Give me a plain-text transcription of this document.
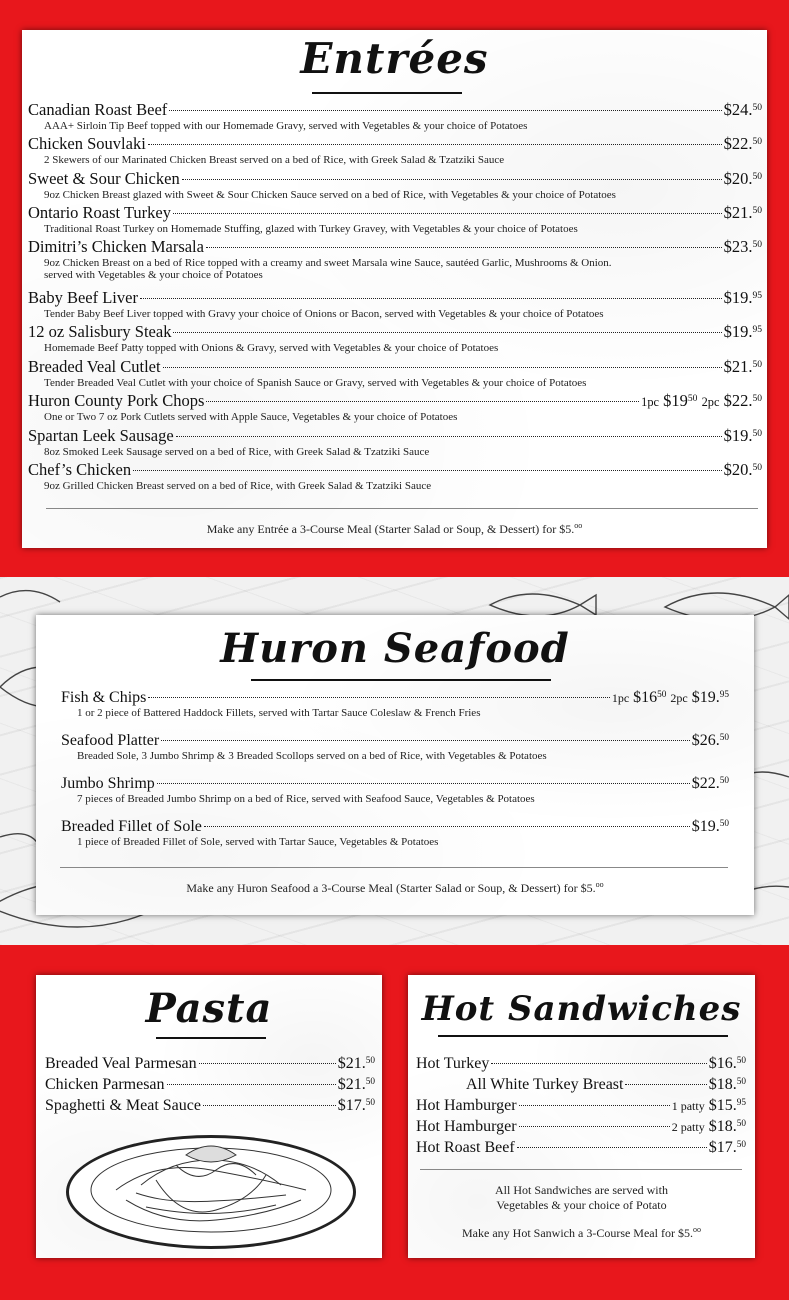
Entrées
Canadian Roast Beef	$24.50
AAA+ Sirloin Tip Beef topped with our Homemade Gravy, served with Vegetables & your choice of Potatoes
Chicken Souvlaki	$22.50
2 Skewers of our Marinated Chicken Breast served on a bed of Rice, with Greek Salad & Tzatziki Sauce
Sweet & Sour Chicken	$20.50
9oz Chicken Breast glazed with Sweet & Sour Chicken Sauce served on a bed of Rice, with Vegetables & your choice of Potatoes
Ontario Roast Turkey	$21.50
Traditional Roast Turkey on Homemade Stuffing, glazed with Turkey Gravey, with Vegetables & your choice of Potatoes
Dimitri’s Chicken Marsala	$23.50
9oz Chicken Breast on a bed of Rice topped with a creamy and sweet Marsala wine Sauce, sautéed Garlic, Mushrooms & Onion.
served with Vegetables & your choice of Potatoes
Baby Beef Liver	$19.95
Tender Baby Beef Liver topped with Gravy your choice of Onions or Bacon, served with Vegetables & your choice of Potatoes
12 oz Salisbury Steak	$19.95
Homemade Beef Patty topped with Onions & Gravy, served with Vegetables & your choice of Potatoes
Breaded Veal Cutlet	$21.50
Tender Breaded Veal Cutlet with your choice of Spanish Sauce or Gravy, served with Vegetables & your choice of Potatoes
Huron County Pork Chops	1pc $\$19^{50}$ 2pc $22.50
One or Two 7 oz Pork Cutlets served with Apple Sauce, Vegetables & your choice of Potatoes
Spartan Leek Sausage	$19.50
8oz Smoked Leek Sausage served on a bed of Rice, with Greek Salad & Tzatziki Sauce
Chef’s Chicken	$20.50
9oz Grilled Chicken Breast served on a bed of Rice, with Greek Salad & Tzatziki Sauce
Make any Entrée a 3-Course Meal (Starter Salad or Soup, & Dessert) for $5.$^{oo}$
Huron Seafood
Fish & Chips	1pc $\$16^{50}$ 2pc $19.95
1 or 2 piece of Battered Haddock Fillets, served with Tartar Sauce Coleslaw & French Fries
Seafood Platter	$26.50
Breaded Sole, 3 Jumbo Shrimp & 3 Breaded Scollops served on a bed of Rice, with Vegetables & Potatoes
Jumbo Shrimp	$22.50
7 pieces of Breaded Jumbo Shrimp on a bed of Rice, served with Seafood Sauce, Vegetables & Potatoes
Breaded Fillet of Sole	$19.50
1 piece of Breaded Fillet of Sole, served with Tartar Sauce, Vegetables & Potatoes
Make any Huron Seafood a 3-Course Meal (Starter Salad or Soup, & Dessert) for $5.$^{oo}$
Pasta
Breaded Veal Parmesan	$21.50
Chicken Parmesan	$21.50
Spaghetti & Meat Sauce	$17.50
Hot Sandwiches
Hot Turkey	$16.50
All White Turkey Breast	$18.50
Hot Hamburger	1 patty $15.95
Hot Hamburger	2 patty $18.50
Hot Roast Beef	$17.50
All Hot Sandwiches are served with
Vegetables & your choice of Potato
Make any Hot Sanwich a 3-Course Meal for $5.$^{oo}$
